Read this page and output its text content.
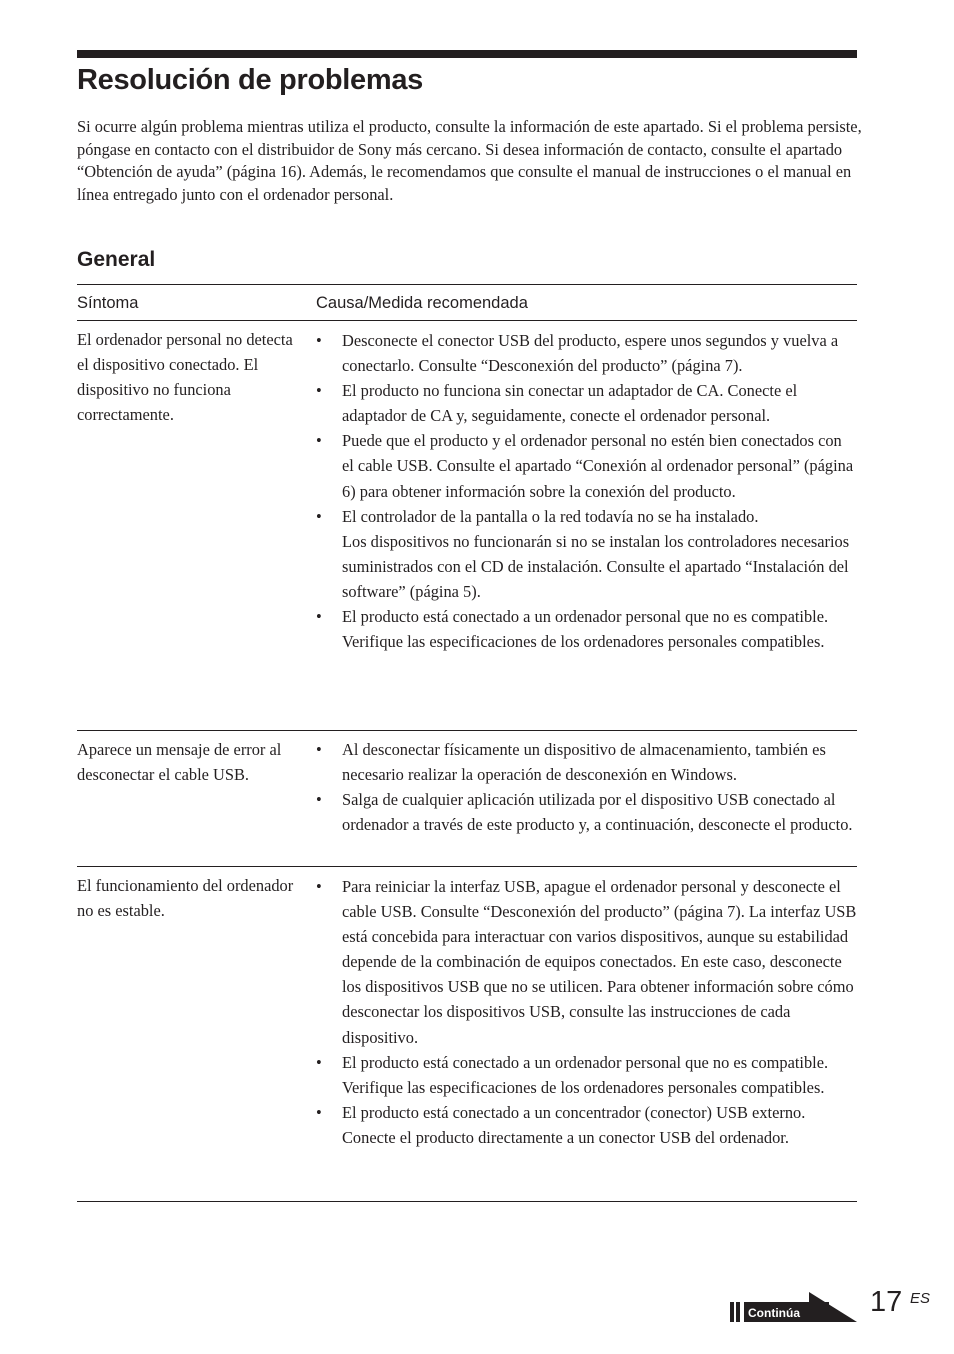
Resolución de problemas

Si ocurre algún problema mientras utiliza el producto, consulte la información de este apartado. Si el problema persiste, póngase en contacto con el distribuidor de Sony más cercano. Si desea información de contacto, consulte el apartado “Obtención de ayuda” (página 16). Además, le recomendamos que consulte el manual de instrucciones o el manual en línea entregado junto con el ordenador personal.

General
Síntoma	Causa/Medida recomendada
El ordenador personal no detecta el dispositivo conectado. El dispositivo no funciona correctamente.
• Desconecte el conector USB del producto, espere unos segundos y vuelva a conectarlo. Consulte “Desconexión del producto” (página 7).
• El producto no funciona sin conectar un adaptador de CA. Conecte el adaptador de CA y, seguidamente, conecte el ordenador personal.
• Puede que el producto y el ordenador personal no estén bien conectados con el cable USB. Consulte el apartado “Conexión al ordenador personal” (página 6) para obtener información sobre la conexión del producto.
• El controlador de la pantalla o la red todavía no se ha instalado.
Los dispositivos no funcionarán si no se instalan los controladores necesarios suministrados con el CD de instalación. Consulte el apartado “Instalación del software” (página 5).
• El producto está conectado a un ordenador personal que no es compatible.
Verifique las especificaciones de los ordenadores personales compatibles.
Aparece un mensaje de error al desconectar el cable USB.
• Al desconectar físicamente un dispositivo de almacenamiento, también es necesario realizar la operación de desconexión en Windows.
• Salga de cualquier aplicación utilizada por el dispositivo USB conectado al ordenador a través de este producto y, a continuación, desconecte el producto.
El funcionamiento del ordenador no es estable.
• Para reiniciar la interfaz USB, apague el ordenador personal y desconecte el cable USB. Consulte “Desconexión del producto” (página 7). La interfaz USB está concebida para interactuar con varios dispositivos, aunque su estabilidad depende de la combinación de equipos conectados. En este caso, desconecte los dispositivos USB que no se utilicen. Para obtener información sobre cómo desconectar los dispositivos USB, consulte las instrucciones de cada dispositivo.
• El producto está conectado a un ordenador personal que no es compatible.
Verifique las especificaciones de los ordenadores personales compatibles.
• El producto está conectado a un concentrador (conector) USB externo. Conecte el producto directamente a un conector USB del ordenador.
Continúa 17 ES
